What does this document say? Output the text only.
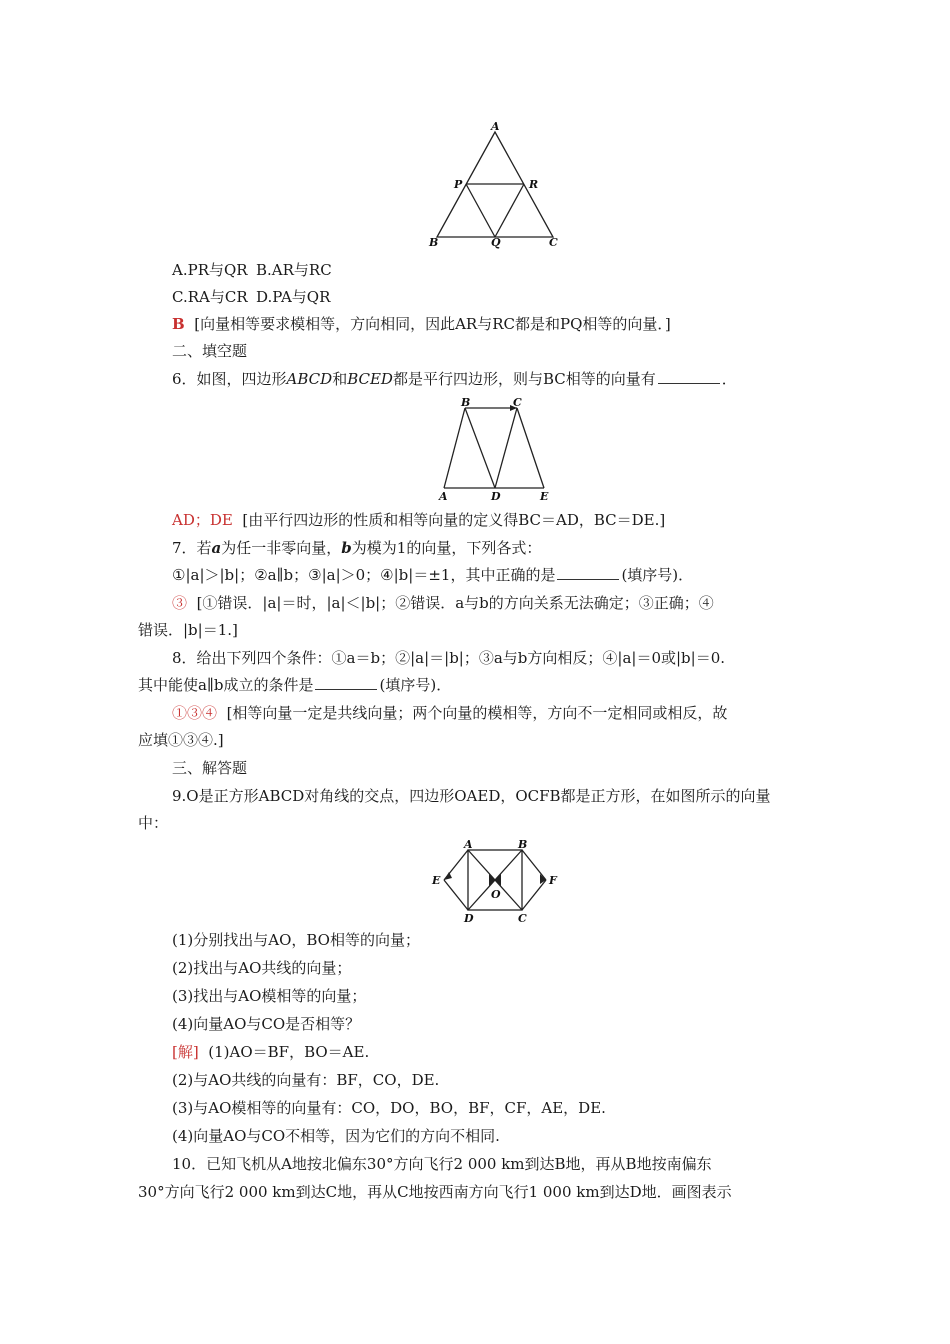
A
P	R
B	Q	C
A.PR与QR
C.RA与CR
B.AR与RC
D.PA与QR
B [向量相等要求模相等，方向相同，因此AR与RC都是和PQ相等的向量．]
二、填空题
6．如图，四边形ABCD和BCED都是平行四边形，则与BC相等的向量有	．
B	C
A	D	E
AD；DE [由平行四边形的性质和相等向量的定义得BC＝AD，BC＝DE.]
7．若a为任一非零向量，b为模为1的向量，下列各式：
①|a|＞|b|；②a∥b；③|a|＞0；④|b|＝±1，其中正确的是	(填序号)．
③ [①错误．|a|＝时，|a|＜|b|；②错误．a与b的方向关系无法确定；③正确；④
错误．|b|＝1.]
8．给出下列四个条件：①a＝b；②|a|＝|b|；③a与b方向相反；④|a|＝0或|b|＝0.
其中能使a∥b成立的条件是	(填序号)．
①③④ [相等向量一定是共线向量；两个向量的模相等，方向不一定相同或相反，故
应填①③④.]
三、解答题
9.O是正方形ABCD对角线的交点，四边形OAED，OCFB都是正方形，在如图所示的向量
中：
A	B
E
O
F
D	C
(1)分别找出与AO，BO相等的向量；
(2)找出与AO共线的向量；
(3)找出与AO模相等的向量；
(4)向量AO与CO是否相等？
[解] (1)AO＝BF，BO＝AE.
(2)与AO共线的向量有：BF，CO，DE.
(3)与AO模相等的向量有：CO，DO，BO，BF，CF，AE，DE.
(4)向量AO与CO不相等，因为它们的方向不相同.
10．已知飞机从A地按北偏东30°方向飞行2 000 km到达B地，再从B地按南偏东
30°方向飞行2 000 km到达C地，再从C地按西南方向飞行1 000 km到达D地．画图表示
